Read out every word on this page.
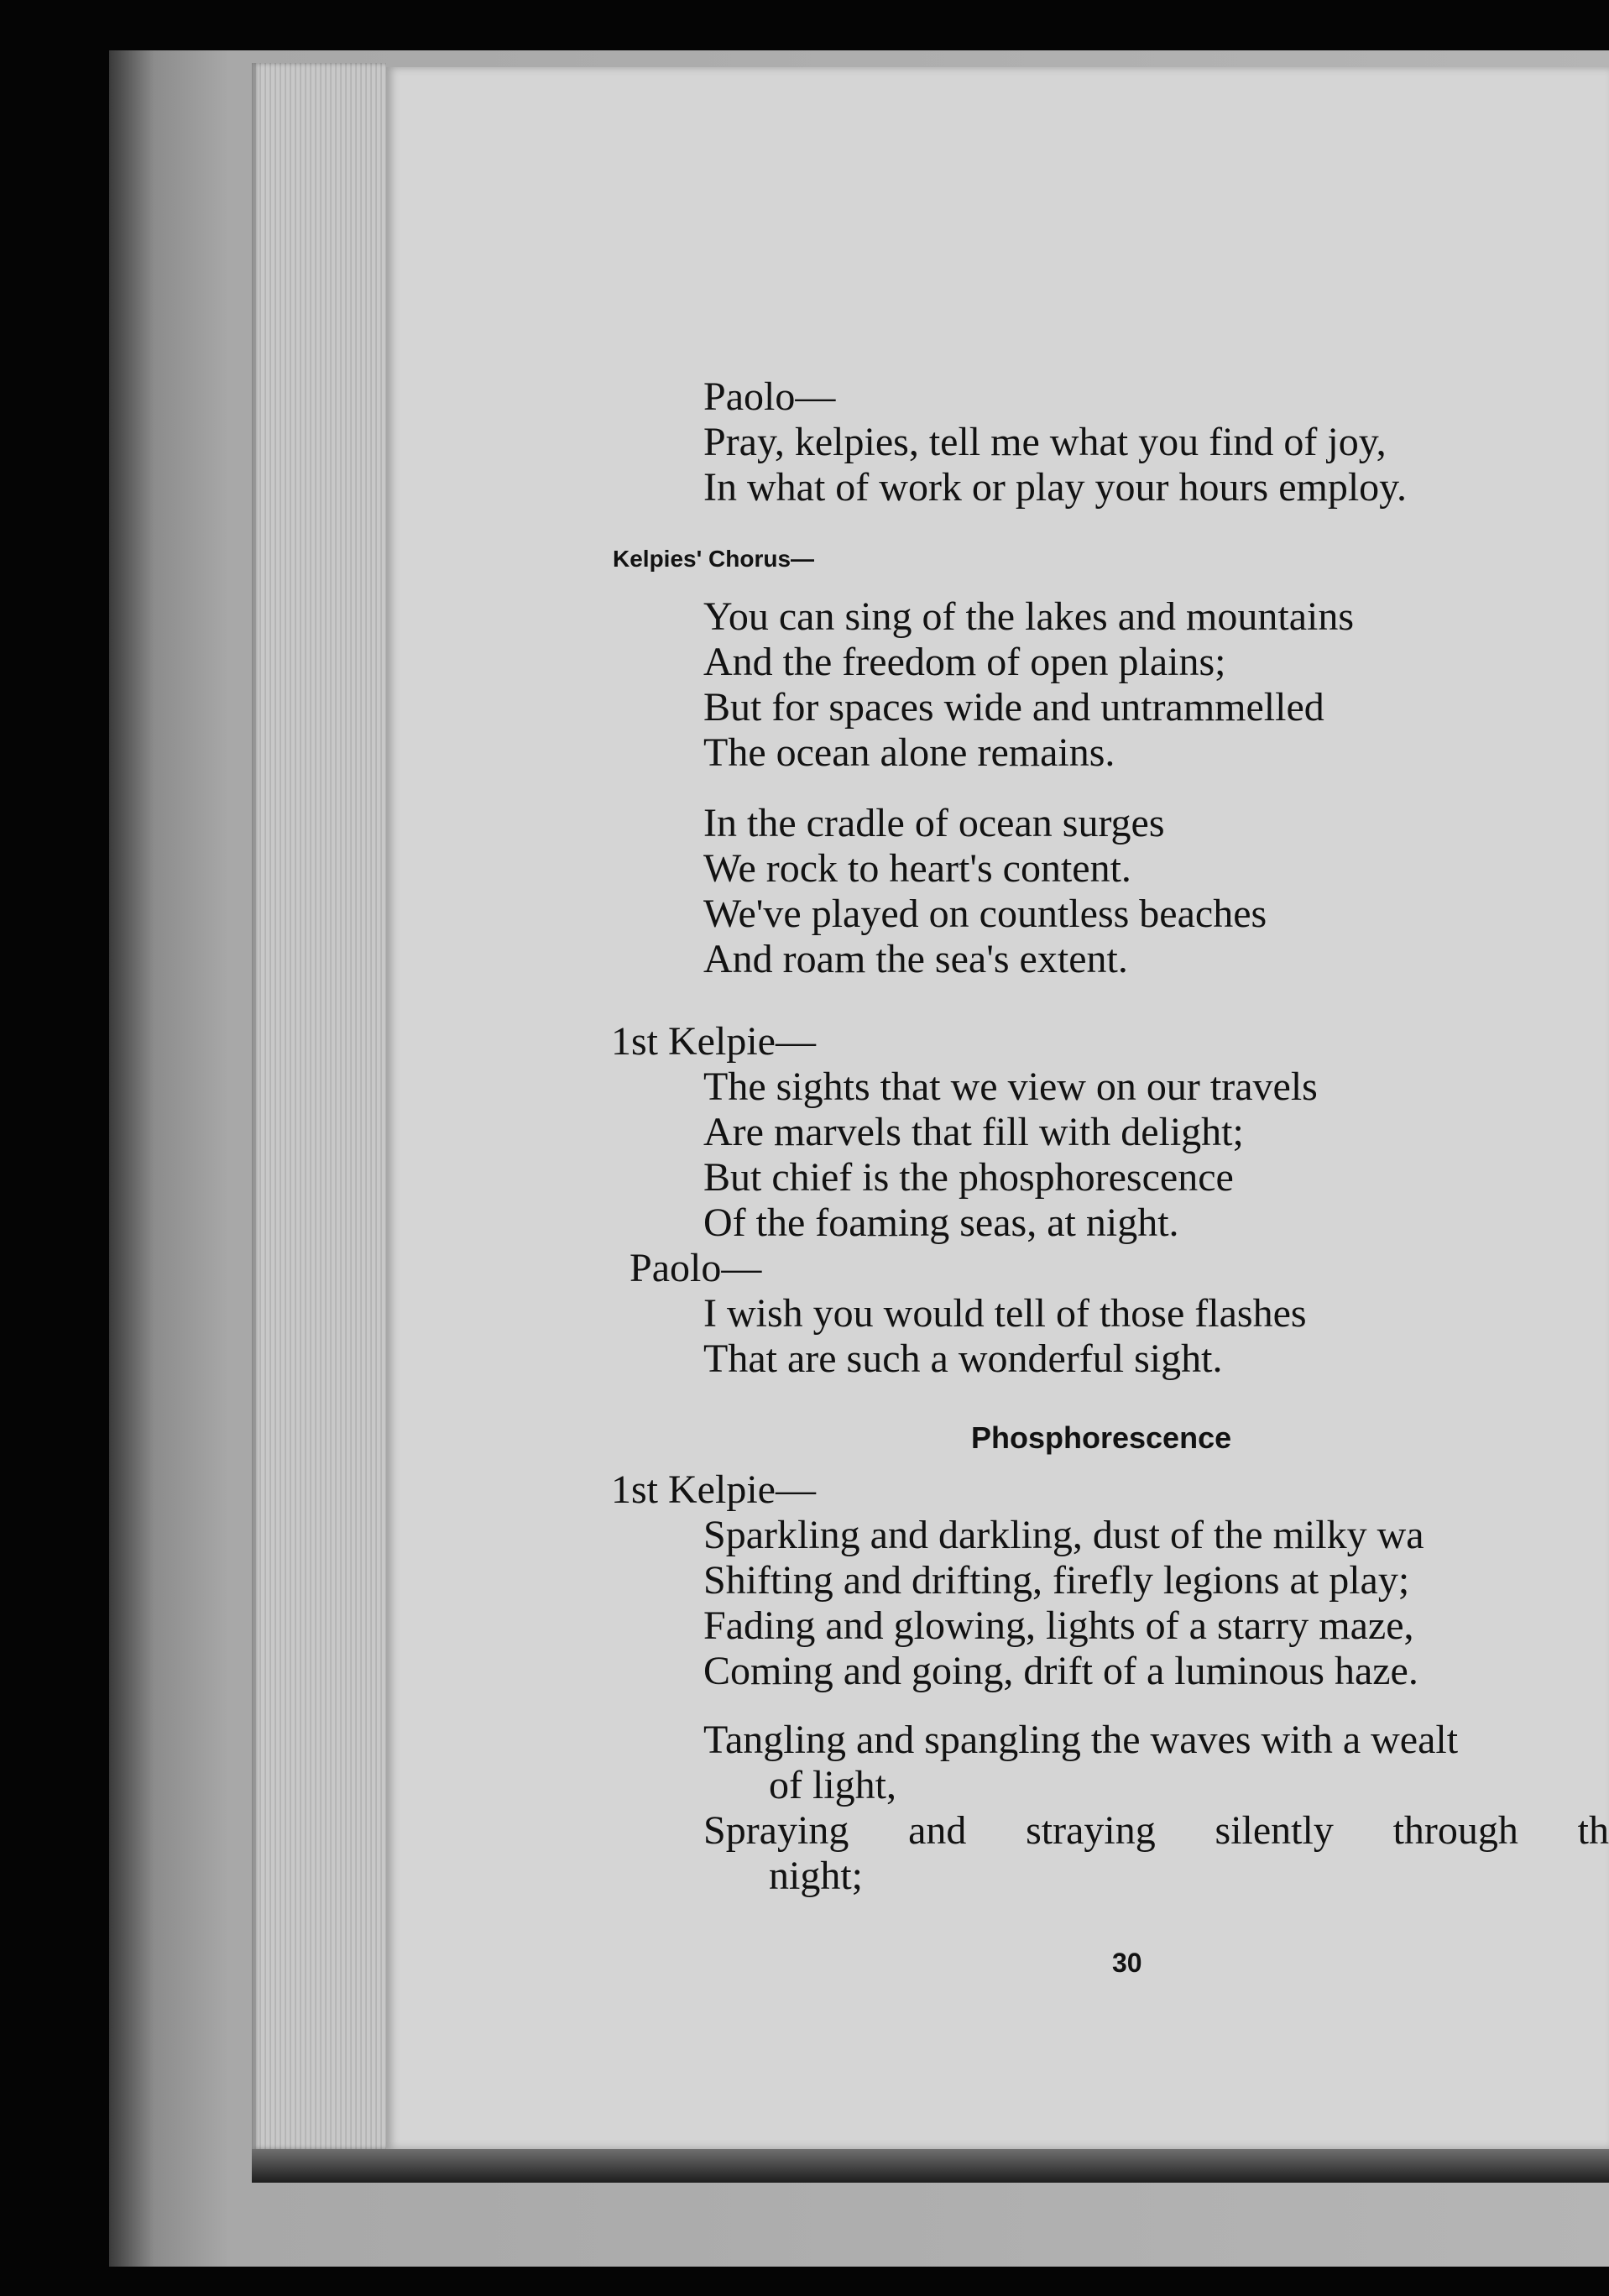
Paolo—

Pray, kelpies, tell me what you find of joy,

In what of work or play your hours employ.

Kelpies' Chorus—

You can sing of the lakes and mountains

And the freedom of open plains;

But for spaces wide and untrammelled

The ocean alone remains.

In the cradle of ocean surges

We rock to heart's content.

We've played on countless beaches

And roam the sea's extent.

1st Kelpie—

The sights that we view on our travels

Are marvels that fill with delight;

But chief is the phosphorescence

Of the foaming seas, at night.

Paolo—

I wish you would tell of those flashes

That are such a wonderful sight.

Phosphorescence

1st Kelpie—

Sparkling and darkling, dust of the milky wa

Shifting and drifting, firefly legions at play;

Fading and glowing, lights of a starry maze,

Coming and going, drift of a luminous haze.

Tangling and spangling the waves with a wealt

of light,

Spraying and straying silently through th

night;

30
